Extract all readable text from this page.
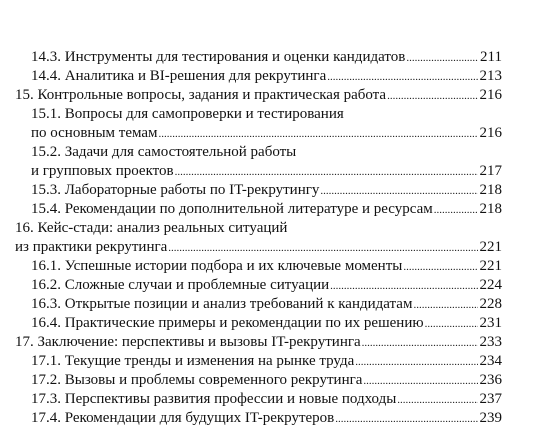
14.3. Инструменты для тестирования и оценки кандидатов .....	211
14.4. Аналитика и BI-решения для рекрутинга .....	213
15. Контрольные вопросы, задания и практическая работа .....	216
15.1. Вопросы для самопроверки и тестирования
по основным темам .....	216
15.2. Задачи для самостоятельной работы
и групповых проектов .....	217
15.3. Лабораторные работы по IT-рекрутингу .....	218
15.4. Рекомендации по дополнительной литературе и ресурсам .....	218
16. Кейс-стади: анализ реальных ситуаций
из практики рекрутинга .....	221
16.1. Успешные истории подбора и их ключевые моменты .....	221
16.2. Сложные случаи и проблемные ситуации .....	224
16.3. Открытые позиции и анализ требований к кандидатам .....	228
16.4. Практические примеры и рекомендации по их решению .....	231
17. Заключение: перспективы и вызовы IT-рекрутинга .....	233
17.1. Текущие тренды и изменения на рынке труда .....	234
17.2. Вызовы и проблемы современного рекрутинга .....	236
17.3. Перспективы развития профессии и новые подходы .....	237
17.4. Рекомендации для будущих IT-рекрутеров .....	239
